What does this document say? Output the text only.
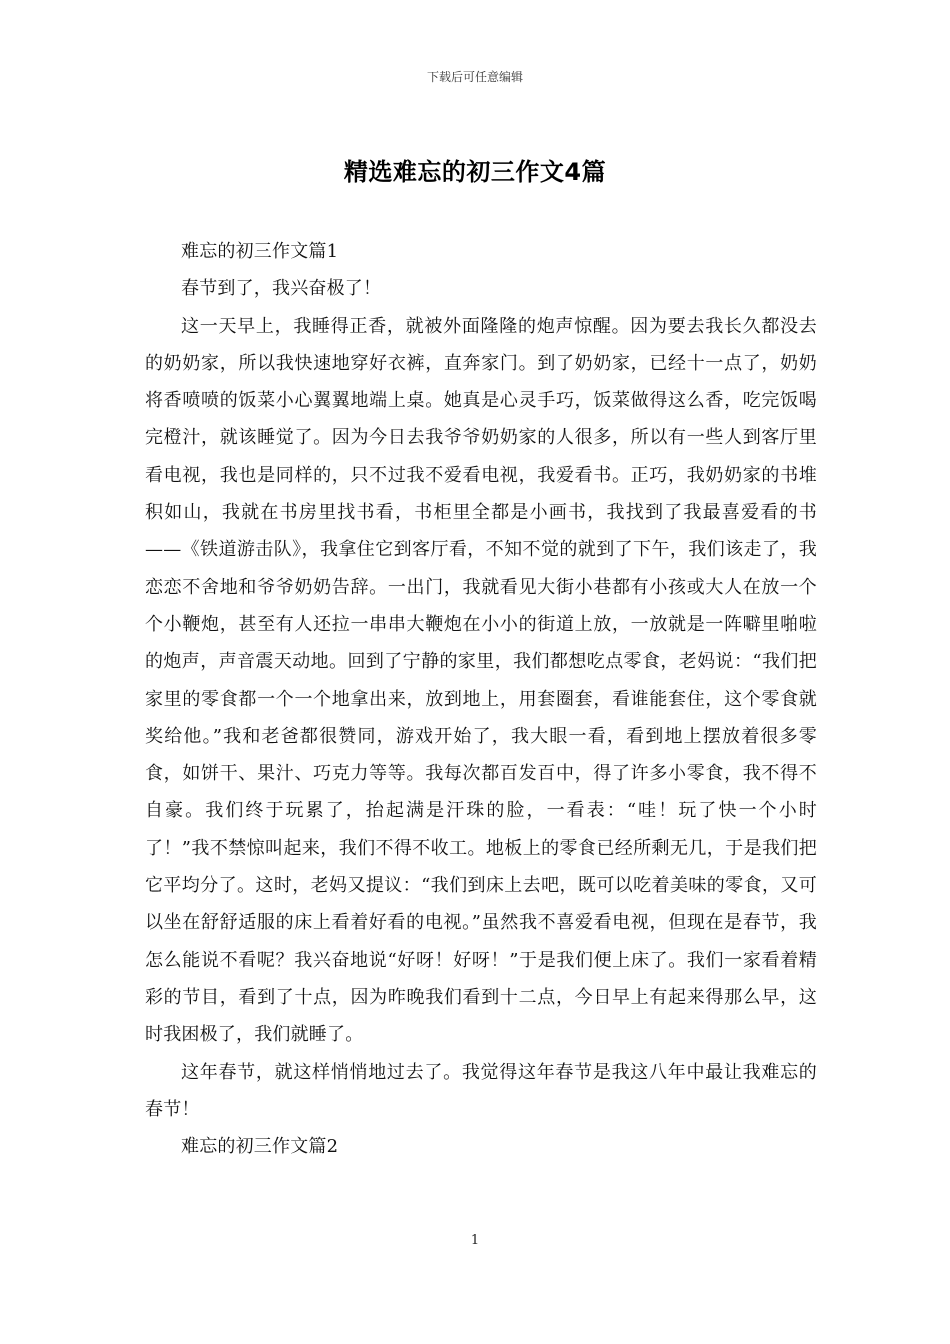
下载后可任意编辑
精选难忘的初三作文4篇

难忘的初三作文篇1

春节到了，我兴奋极了！

这一天早上，我睡得正香，就被外面隆隆的炮声惊醒。因为要去我长久都没去的奶奶家，所以我快速地穿好衣裤，直奔家门。到了奶奶家，已经十一点了，奶奶将香喷喷的饭菜小心翼翼地端上桌。她真是心灵手巧，饭菜做得这么香，吃完饭喝完橙汁，就该睡觉了。因为今日去我爷爷奶奶家的人很多，所以有一些人到客厅里看电视，我也是同样的，只不过我不爱看电视，我爱看书。正巧，我奶奶家的书堆积如山，我就在书房里找书看，书柜里全都是小画书，我找到了我最喜爱看的书——《铁道游击队》，我拿住它到客厅看，不知不觉的就到了下午，我们该走了，我恋恋不舍地和爷爷奶奶告辞。一出门，我就看见大街小巷都有小孩或大人在放一个个小鞭炮，甚至有人还拉一串串大鞭炮在小小的街道上放，一放就是一阵噼里啪啦的炮声，声音震天动地。回到了宁静的家里，我们都想吃点零食，老妈说：“我们把家里的零食都一个一个地拿出来，放到地上，用套圈套，看谁能套住，这个零食就奖给他。”我和老爸都很赞同，游戏开始了，我大眼一看，看到地上摆放着很多零食，如饼干、果汁、巧克力等等。我每次都百发百中，得了许多小零食，我不得不自豪。我们终于玩累了，抬起满是汗珠的脸，一看表：“哇！玩了快一个小时了！”我不禁惊叫起来，我们不得不收工。地板上的零食已经所剩无几，于是我们把它平均分了。这时，老妈又提议：“我们到床上去吧，既可以吃着美味的零食，又可以坐在舒舒适服的床上看着好看的电视。”虽然我不喜爱看电视，但现在是春节，我怎么能说不看呢？我兴奋地说“好呀！好呀！”于是我们便上床了。我们一家看着精彩的节目，看到了十点，因为昨晚我们看到十二点，今日早上有起来得那么早，这时我困极了，我们就睡了。

这年春节，就这样悄悄地过去了。我觉得这年春节是我这八年中最让我难忘的春节！

难忘的初三作文篇2

1
